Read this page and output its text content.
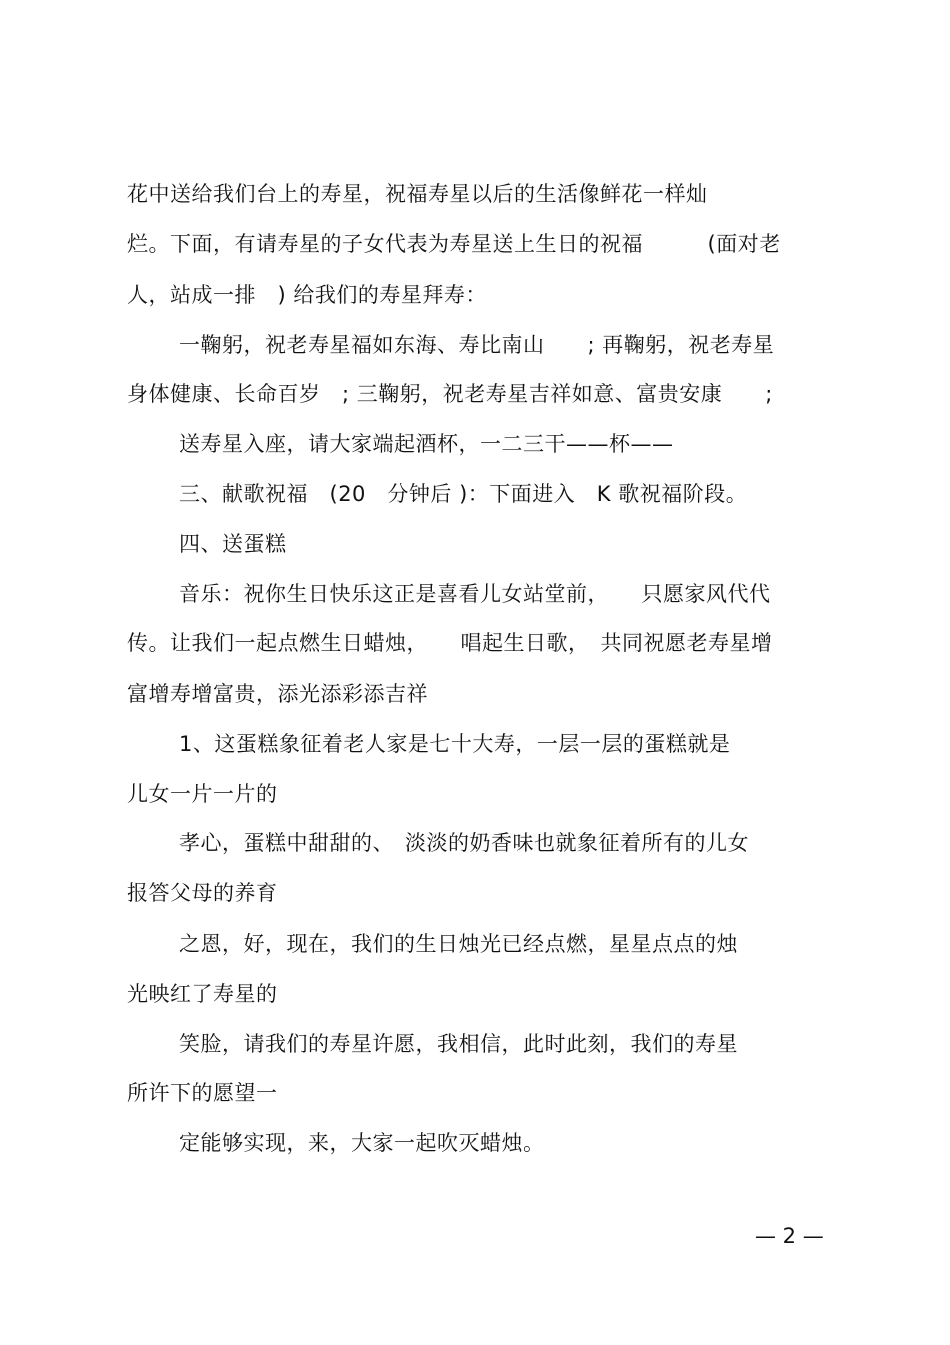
花中送给我们台上的寿星，祝福寿星以后的生活像鲜花一样灿
烂。下面，有请寿星的子女代表为寿星送上生日的祝福　　　(面对老
人，站成一排　) 给我们的寿星拜寿：
一鞠躬，祝老寿星福如东海、寿比南山　　; 再鞠躬，祝老寿星
身体健康、长命百岁　; 三鞠躬，祝老寿星吉祥如意、富贵安康　　;
送寿星入座，请大家端起酒杯，一二三干——杯——
三、献歌祝福　(20　分钟后 )：下面进入　K 歌祝福阶段。
四、送蛋糕
音乐：祝你生日快乐这正是喜看儿女站堂前，　　只愿家风代代
传。让我们一起点燃生日蜡烛，　　唱起生日歌，　共同祝愿老寿星增
富增寿增富贵，添光添彩添吉祥
1、这蛋糕象征着老人家是七十大寿，一层一层的蛋糕就是
儿女一片一片的
孝心，蛋糕中甜甜的、　淡淡的奶香味也就象征着所有的儿女
报答父母的养育
之恩，好，现在，我们的生日烛光已经点燃，星星点点的烛
光映红了寿星的
笑脸，请我们的寿星许愿，我相信，此时此刻，我们的寿星
所许下的愿望一
定能够实现，来，大家一起吹灭蜡烛。
— 2 —
